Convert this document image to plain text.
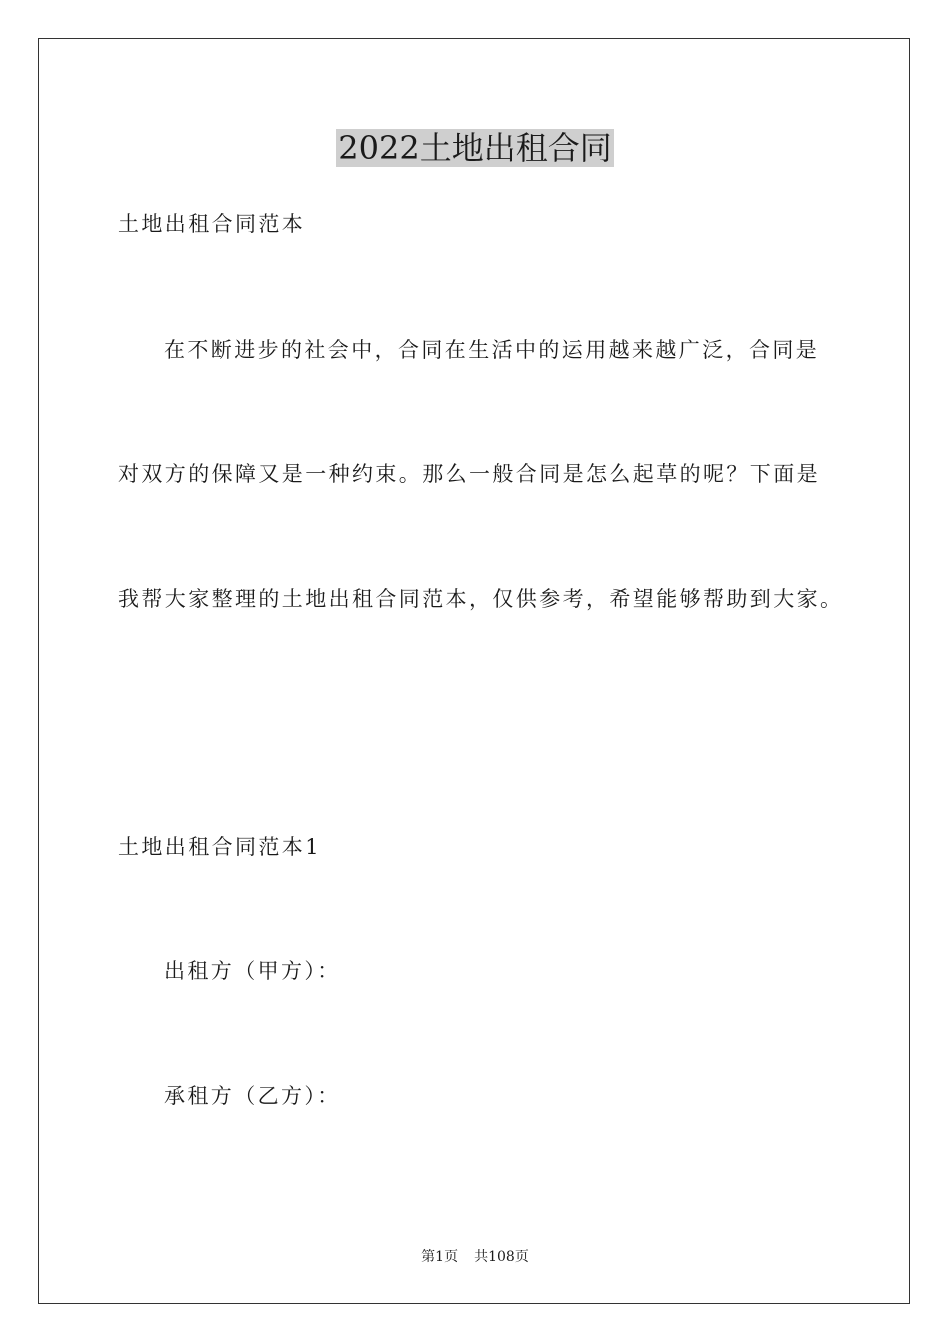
2022土地出租合同

土地出租合同范本

在不断进步的社会中，合同在生活中的运用越来越广泛，合同是

对双方的保障又是一种约束。那么一般合同是怎么起草的呢？下面是

我帮大家整理的土地出租合同范本，仅供参考，希望能够帮助到大家。

土地出租合同范本1

出租方（甲方）：

承租方（乙方）：

第1页 共108页
